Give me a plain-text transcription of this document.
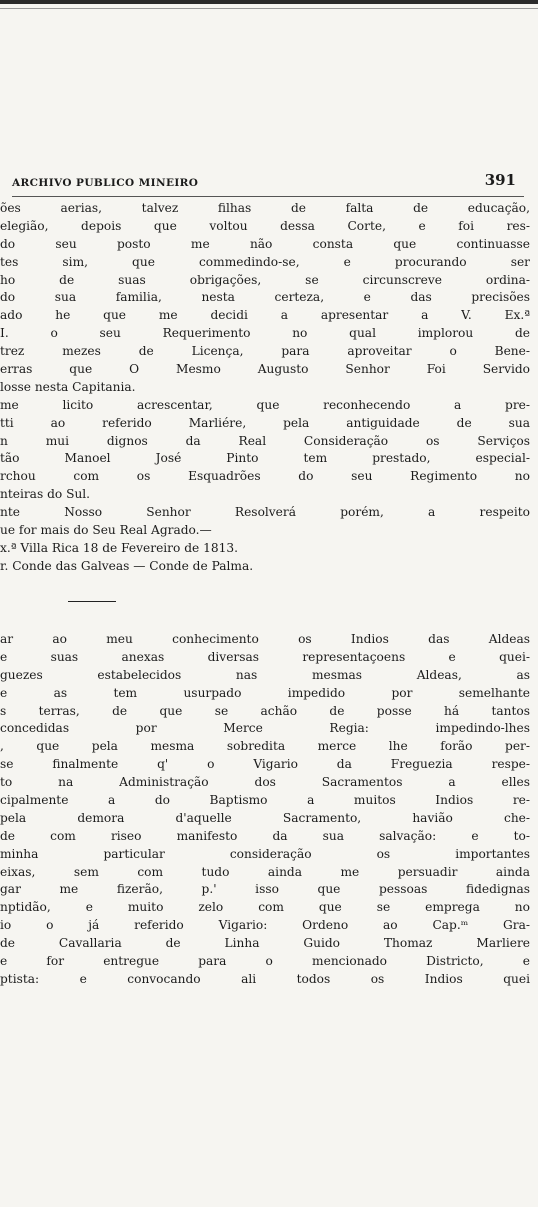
ARCHIVO PUBLICO MINEIRO	391
ões aerias, talvez filhas de falta de educação,
elegião, depois que voltou dessa Corte, e foi res-
do seu posto me não consta que continuasse
tes sim, que commedindo-se, e procurando ser
ho de suas obrigações, se circunscreve ordina-
do sua familia, nesta certeza, e das precisões
ado he que me decidi a apresentar a V. Ex.ª
I. o seu Requerimento no qual implorou de
trez mezes de Licença, para aproveitar o Bene-
erras que O Mesmo Augusto Senhor Foi Servido
losse nesta Capitania.
me licito acrescentar, que reconhecendo a pre-
tti ao referido Marliére, pela antiguidade de sua
n mui dignos da Real Consideração os Serviços
tão Manoel José Pinto tem prestado, especial-
rchou com os Esquadrões do seu Regimento no
nteiras do Sul.
nte Nosso Senhor Resolverá porém, a respeito
ue for mais do Seu Real Agrado.—
x.ª Villa Rica 18 de Fevereiro de 1813.
r. Conde das Galveas — Conde de Palma.
ar ao meu conhecimento os Indios das Aldeas
e suas anexas diversas representaçoens e quei-
guezes estabelecidos nas mesmas Aldeas, as
e as tem usurpado impedido por semelhante
s terras, de que se achão de posse há tantos
concedidas por Merce Regia: impedindo-lhes
, que pela mesma sobredita merce lhe forão per-
se finalmente q' o Vigario da Freguezia respe-
to na Administração dos Sacramentos a elles
cipalmente a do Baptismo a muitos Indios re-
pela demora d'aquelle Sacramento, havião che-
de com riseo manifesto da sua salvação: e to-
minha particular consideração os importantes
eixas, sem com tudo ainda me persuadir ainda
gar me fizerão, p.' isso que pessoas fidedignas
nptidão, e muito zelo com que se emprega no
io o já referido Vigario: Ordeno ao Cap.ᵐ Gra-
de Cavallaria de Linha Guido Thomaz Marliere
e for entregue para o mencionado Districto, e
ptista: e convocando ali todos os Indios quei
